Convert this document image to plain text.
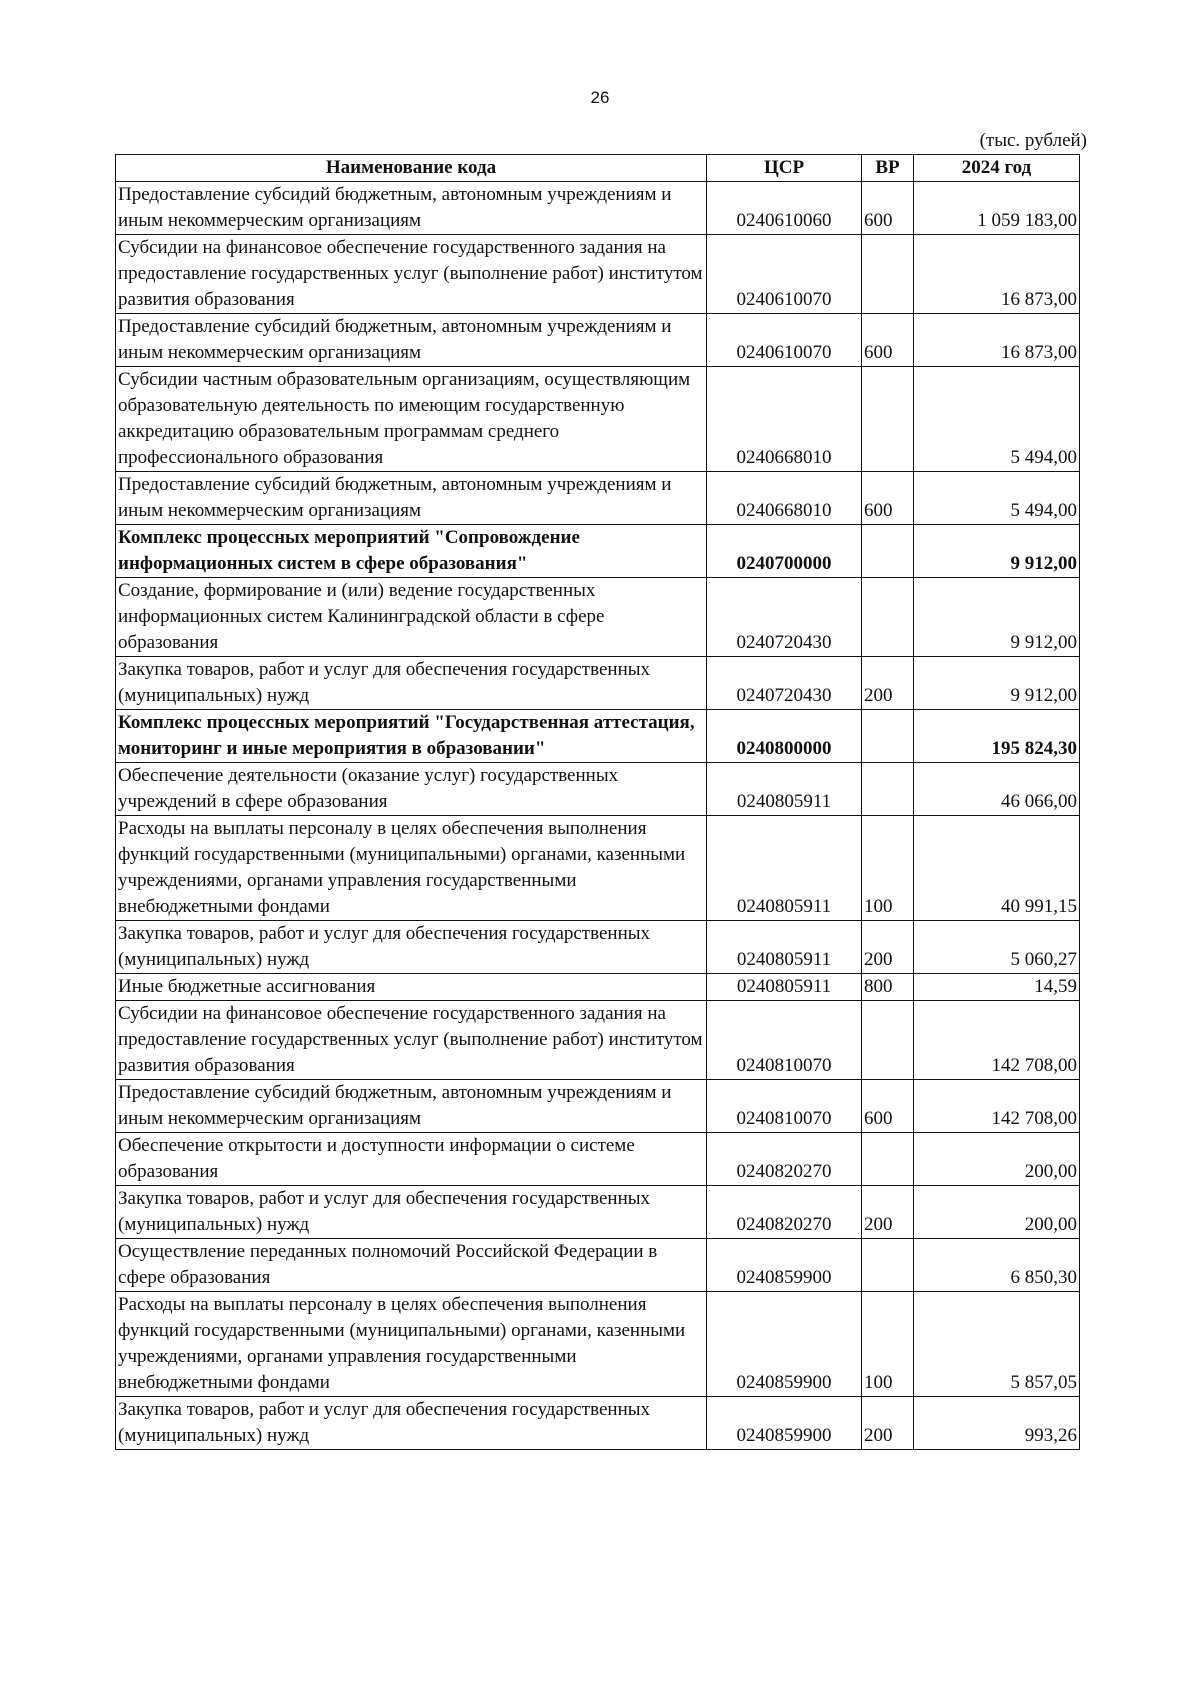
26
(тыс. рублей)
Наименование кода	ЦСР	ВР	2024 год
Предоставление субсидий бюджетным, автономным учреждениям и иным некоммерческим организациям	0240610060	600	1 059 183,00
Субсидии на финансовое обеспечение государственного задания на предоставление государственных услуг (выполнение работ) институтом развития образования	0240610070		16 873,00
Предоставление субсидий бюджетным, автономным учреждениям и иным некоммерческим организациям	0240610070	600	16 873,00
Субсидии частным образовательным организациям, осуществляющим образовательную деятельность по имеющим государственную аккредитацию образовательным программам среднего профессионального образования	0240668010		5 494,00
Предоставление субсидий бюджетным, автономным учреждениям и иным некоммерческим организациям	0240668010	600	5 494,00
Комплекс процессных мероприятий "Сопровождение информационных систем в сфере образования"	0240700000		9 912,00
Создание, формирование и (или) ведение государственных информационных систем Калининградской области в сфере образования	0240720430		9 912,00
Закупка товаров, работ и услуг для обеспечения государственных (муниципальных) нужд	0240720430	200	9 912,00
Комплекс процессных мероприятий "Государственная аттестация, мониторинг и иные мероприятия в образовании"	0240800000		195 824,30
Обеспечение деятельности (оказание услуг) государственных учреждений в сфере образования	0240805911		46 066,00
Расходы на выплаты персоналу в целях обеспечения выполнения функций государственными (муниципальными) органами, казенными учреждениями, органами управления государственными внебюджетными фондами	0240805911	100	40 991,15
Закупка товаров, работ и услуг для обеспечения государственных (муниципальных) нужд	0240805911	200	5 060,27
Иные бюджетные ассигнования	0240805911	800	14,59
Субсидии на финансовое обеспечение государственного задания на предоставление государственных услуг (выполнение работ) институтом развития образования	0240810070		142 708,00
Предоставление субсидий бюджетным, автономным учреждениям и иным некоммерческим организациям	0240810070	600	142 708,00
Обеспечение открытости и доступности информации о системе образования	0240820270		200,00
Закупка товаров, работ и услуг для обеспечения государственных (муниципальных) нужд	0240820270	200	200,00
Осуществление переданных полномочий Российской Федерации в сфере образования	0240859900		6 850,30
Расходы на выплаты персоналу в целях обеспечения выполнения функций государственными (муниципальными) органами, казенными учреждениями, органами управления государственными внебюджетными фондами	0240859900	100	5 857,05
Закупка товаров, работ и услуг для обеспечения государственных (муниципальных) нужд	0240859900	200	993,26
